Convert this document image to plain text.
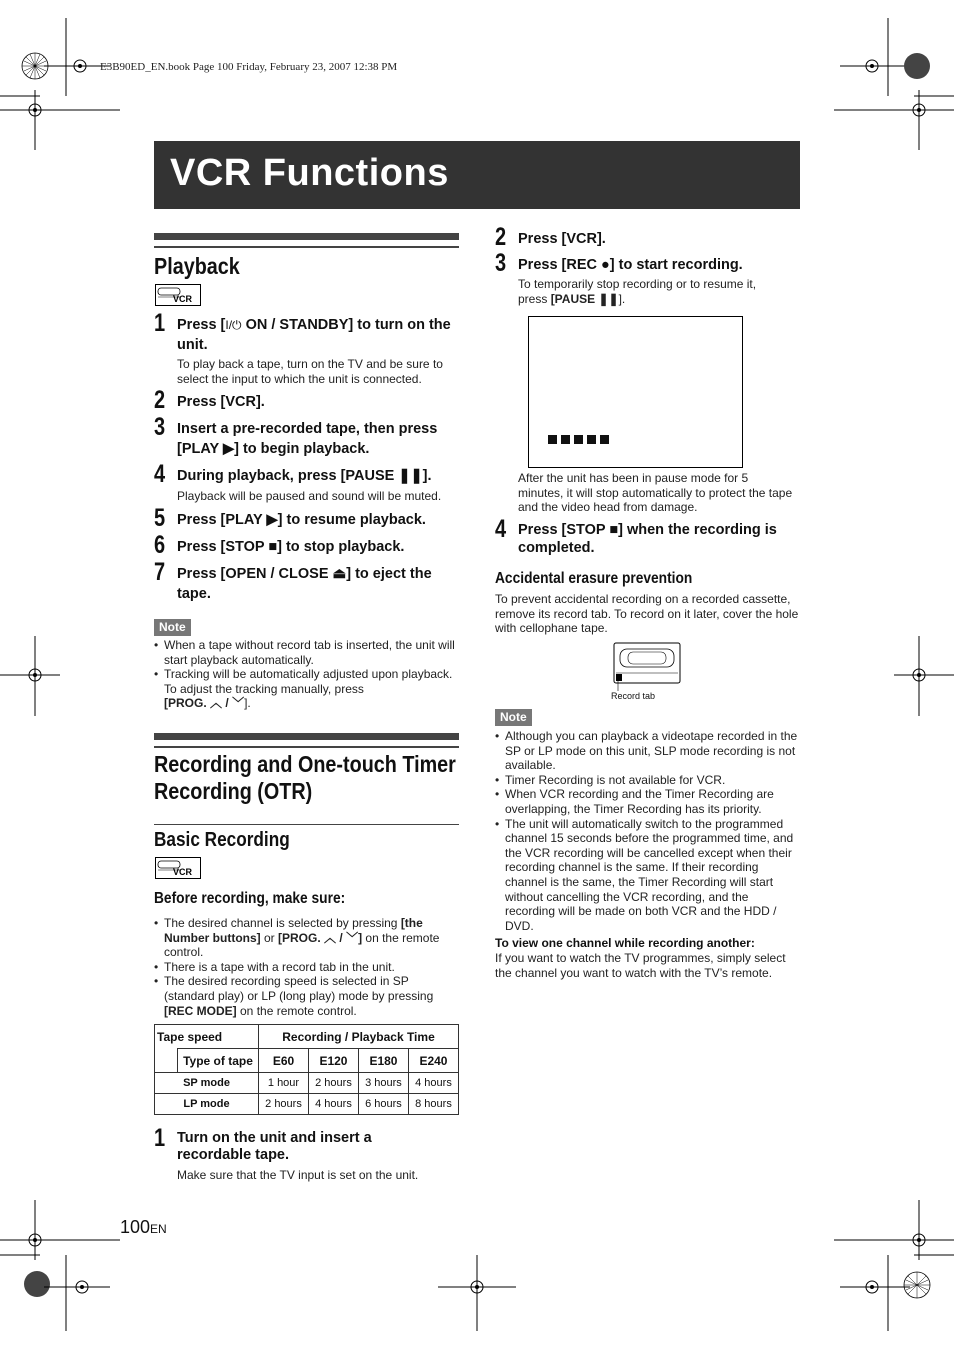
E3B90ED_EN.book Page 100 Friday, February 23, 2007 12:38 PM
VCR Functions
Playback
VCR
1 Press [I/⏻ ON / STANDBY] to turn on the unit.
To play back a tape, turn on the TV and be sure to select the input to which the unit is connected.
2 Press [VCR].
3 Insert a pre-recorded tape, then press [PLAY ▶] to begin playback.
4 During playback, press [PAUSE ❚❚].
Playback will be paused and sound will be muted.
5 Press [PLAY ▶] to resume playback.
6 Press [STOP ■] to stop playback.
7 Press [OPEN / CLOSE ⏏] to eject the tape.
Note
• When a tape without record tab is inserted, the unit will start playback automatically.
• Tracking will be automatically adjusted upon playback. To adjust the tracking manually, press
[PROG. ︿ / ﹀].
Recording and One-touch Timer
Recording (OTR)
Basic Recording
VCR
Before recording, make sure:
• The desired channel is selected by pressing [the Number buttons] or [PROG. ︿ / ﹀] on the remote control.
• There is a tape with a record tab in the unit.
• The desired recording speed is selected in SP (standard play) or LP (long play) mode by pressing [REC MODE] on the remote control.
Tape speed		Recording / Playback Time			
	Type of tape	E60	E120	E180	E240
SP mode		1 hour	2 hours	3 hours	4 hours
LP mode		2 hours	4 hours	6 hours	8 hours
1 Turn on the unit and insert a recordable tape.
Make sure that the TV input is set on the unit.
100EN
2 Press [VCR].
3 Press [REC ●] to start recording.
To temporarily stop recording or to resume it, press [PAUSE ❚❚].
After the unit has been in pause mode for 5 minutes, it will stop automatically to protect the tape and the video head from damage.
4 Press [STOP ■] when the recording is completed.
Accidental erasure prevention
To prevent accidental recording on a recorded cassette, remove its record tab. To record on it later, cover the hole with cellophane tape.
Record tab
Note
• Although you can playback a videotape recorded in the SP or LP mode on this unit, SLP mode recording is not available.
• Timer Recording is not available for VCR.
• When VCR recording and the Timer Recording are overlapping, the Timer Recording has its priority.
• The unit will automatically switch to the programmed channel 15 seconds before the programmed time, and the VCR recording will be cancelled except when their recording channel is the same. If their recording channel is the same, the Timer Recording will start without cancelling the VCR recording, and the recording will be made on both VCR and the HDD / DVD.
To view one channel while recording another:
If you want to watch the TV programmes, simply select the channel you want to watch with the TV’s remote.
